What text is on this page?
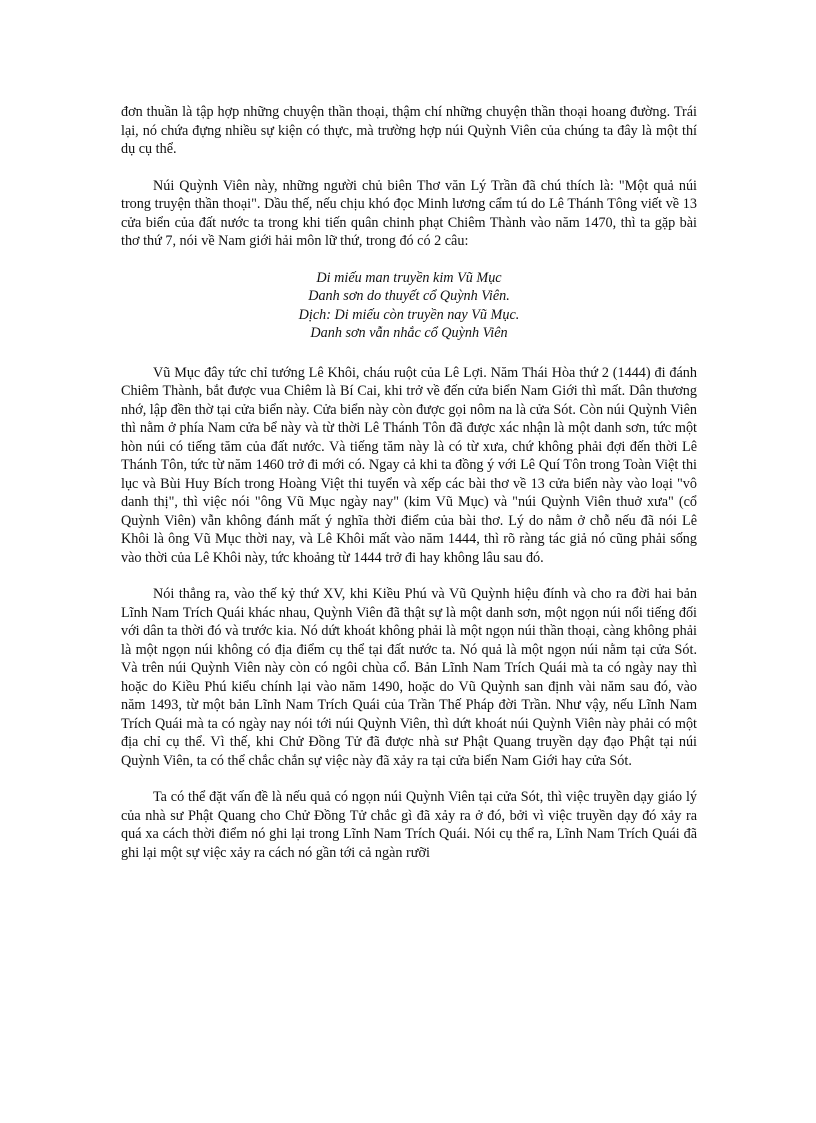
đơn thuần là tập hợp những chuyện thần thoại, thậm chí những chuyện thần thoại hoang đường. Trái lại, nó chứa đựng nhiều sự kiện có thực, mà trường hợp núi Quỳnh Viên của chúng ta đây là một thí dụ cụ thể.

Núi Quỳnh Viên này, những người chủ biên Thơ văn Lý Trần đã chú thích là: "Một quả núi trong truyện thần thoại". Dầu thế, nếu chịu khó đọc Minh lương cẩm tú do Lê Thánh Tông viết về 13 cửa biển của đất nước ta trong khi tiến quân chinh phạt Chiêm Thành vào năm 1470, thì ta gặp bài thơ thứ 7, nói về Nam giới hải môn lữ thứ, trong đó có 2 câu:

Di miếu man truyền kim Vũ Mục
Danh sơn do thuyết cổ Quỳnh Viên.
Dịch: Di miếu còn truyền nay Vũ Mục.
Danh sơn vẫn nhắc cổ Quỳnh Viên

Vũ Mục đây tức chỉ tướng Lê Khôi, cháu ruột của Lê Lợi. Năm Thái Hòa thứ 2 (1444) đi đánh Chiêm Thành, bắt được vua Chiêm là Bí Cai, khi trở về đến cửa biển Nam Giới thì mất. Dân thương nhớ, lập đền thờ tại cửa biển này. Cửa biển này còn được gọi nôm na là cửa Sót. Còn núi Quỳnh Viên thì nằm ở phía Nam cửa bể này và từ thời Lê Thánh Tôn đã được xác nhận là một danh sơn, tức một hòn núi có tiếng tăm của đất nước. Và tiếng tăm này là có từ xưa, chứ không phải đợi đến thời Lê Thánh Tôn, tức từ năm 1460 trở đi mới có. Ngay cả khi ta đồng ý với Lê Quí Tôn trong Toàn Việt thi lục và Bùi Huy Bích trong Hoàng Việt thi tuyển và xếp các bài thơ về 13 cửa biển này vào loại "vô danh thị", thì việc nói "ông Vũ Mục ngày nay" (kim Vũ Mục) và "núi Quỳnh Viên thuở xưa" (cổ Quỳnh Viên) vẫn không đánh mất ý nghĩa thời điểm của bài thơ. Lý do nằm ở chỗ nếu đã nói Lê Khôi là ông Vũ Mục thời nay, và Lê Khôi mất vào năm 1444, thì rõ ràng tác giả nó cũng phải sống vào thời của Lê Khôi này, tức khoảng từ 1444 trở đi hay không lâu sau đó.

Nói thẳng ra, vào thế kỷ thứ XV, khi Kiều Phú và Vũ Quỳnh hiệu đính và cho ra đời hai bản Lĩnh Nam Trích Quái khác nhau, Quỳnh Viên đã thật sự là một danh sơn, một ngọn núi nổi tiếng đối với dân ta thời đó và trước kia. Nó dứt khoát không phải là một ngọn núi thần thoại, càng không phải là một ngọn núi không có địa điểm cụ thể tại đất nước ta. Nó quả là một ngọn núi nằm tại cửa Sót. Và trên núi Quỳnh Viên này còn có ngôi chùa cổ. Bản Lĩnh Nam Trích Quái mà ta có ngày nay thì hoặc do Kiều Phú kiểu chính lại vào năm 1490, hoặc do Vũ Quỳnh san định vài năm sau đó, vào năm 1493, từ một bản Lĩnh Nam Trích Quái của Trần Thế Pháp đời Trần. Như vậy, nếu Lĩnh Nam Trích Quái mà ta có ngày nay nói tới núi Quỳnh Viên, thì dứt khoát núi Quỳnh Viên này phải có một địa chỉ cụ thể. Vì thế, khi Chử Đồng Tử đã được nhà sư Phật Quang truyền dạy đạo Phật tại núi Quỳnh Viên, ta có thể chắc chắn sự việc này đã xảy ra tại cửa biển Nam Giới hay cửa Sót.

Ta có thể đặt vấn đề là nếu quả có ngọn núi Quỳnh Viên tại cửa Sót, thì việc truyền dạy giáo lý của nhà sư Phật Quang cho Chử Đồng Tử chắc gì đã xảy ra ở đó, bởi vì việc truyền dạy đó xảy ra quá xa cách thời điểm nó ghi lại trong Lĩnh Nam Trích Quái. Nói cụ thể ra, Lĩnh Nam Trích Quái đã ghi lại một sự việc xảy ra cách nó gần tới cả ngàn rưỡi
